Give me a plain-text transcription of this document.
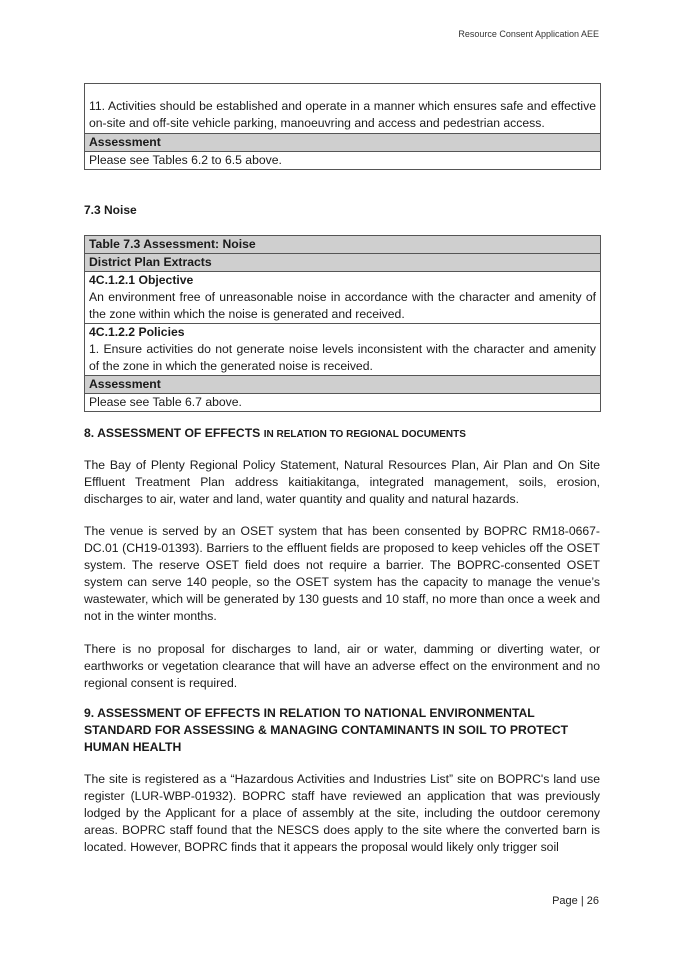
Resource Consent Application AEE
11. Activities should be established and operate in a manner which ensures safe and effective on-site and off-site vehicle parking, manoeuvring and access and pedestrian access.
Assessment
Please see Tables 6.2 to 6.5 above.
7.3 Noise
Table 7.3 Assessment: Noise
District Plan Extracts
4C.1.2.1 Objective
An environment free of unreasonable noise in accordance with the character and amenity of the zone within which the noise is generated and received.
4C.1.2.2 Policies
1. Ensure activities do not generate noise levels inconsistent with the character and amenity of the zone in which the generated noise is received.
Assessment
Please see Table 6.7 above.
8. ASSESSMENT OF EFFECTS IN RELATION TO REGIONAL DOCUMENTS
The Bay of Plenty Regional Policy Statement, Natural Resources Plan, Air Plan and On Site Effluent Treatment Plan address kaitiakitanga, integrated management, soils, erosion, discharges to air, water and land, water quantity and quality and natural hazards.
The venue is served by an OSET system that has been consented by BOPRC RM18-0667-DC.01 (CH19-01393). Barriers to the effluent fields are proposed to keep vehicles off the OSET system. The reserve OSET field does not require a barrier. The BOPRC-consented OSET system can serve 140 people, so the OSET system has the capacity to manage the venue’s wastewater, which will be generated by 130 guests and 10 staff, no more than once a week and not in the winter months.
There is no proposal for discharges to land, air or water, damming or diverting water, or earthworks or vegetation clearance that will have an adverse effect on the environment and no regional consent is required.
9. ASSESSMENT OF EFFECTS IN RELATION TO NATIONAL ENVIRONMENTAL STANDARD FOR ASSESSING & MANAGING CONTAMINANTS IN SOIL TO PROTECT HUMAN HEALTH
The site is registered as a “Hazardous Activities and Industries List” site on BOPRC's land use register (LUR-WBP-01932). BOPRC staff have reviewed an application that was previously lodged by the Applicant for a place of assembly at the site, including the outdoor ceremony areas. BOPRC staff found that the NESCS does apply to the site where the converted barn is located. However, BOPRC finds that it appears the proposal would likely only trigger soil
Page | 26
